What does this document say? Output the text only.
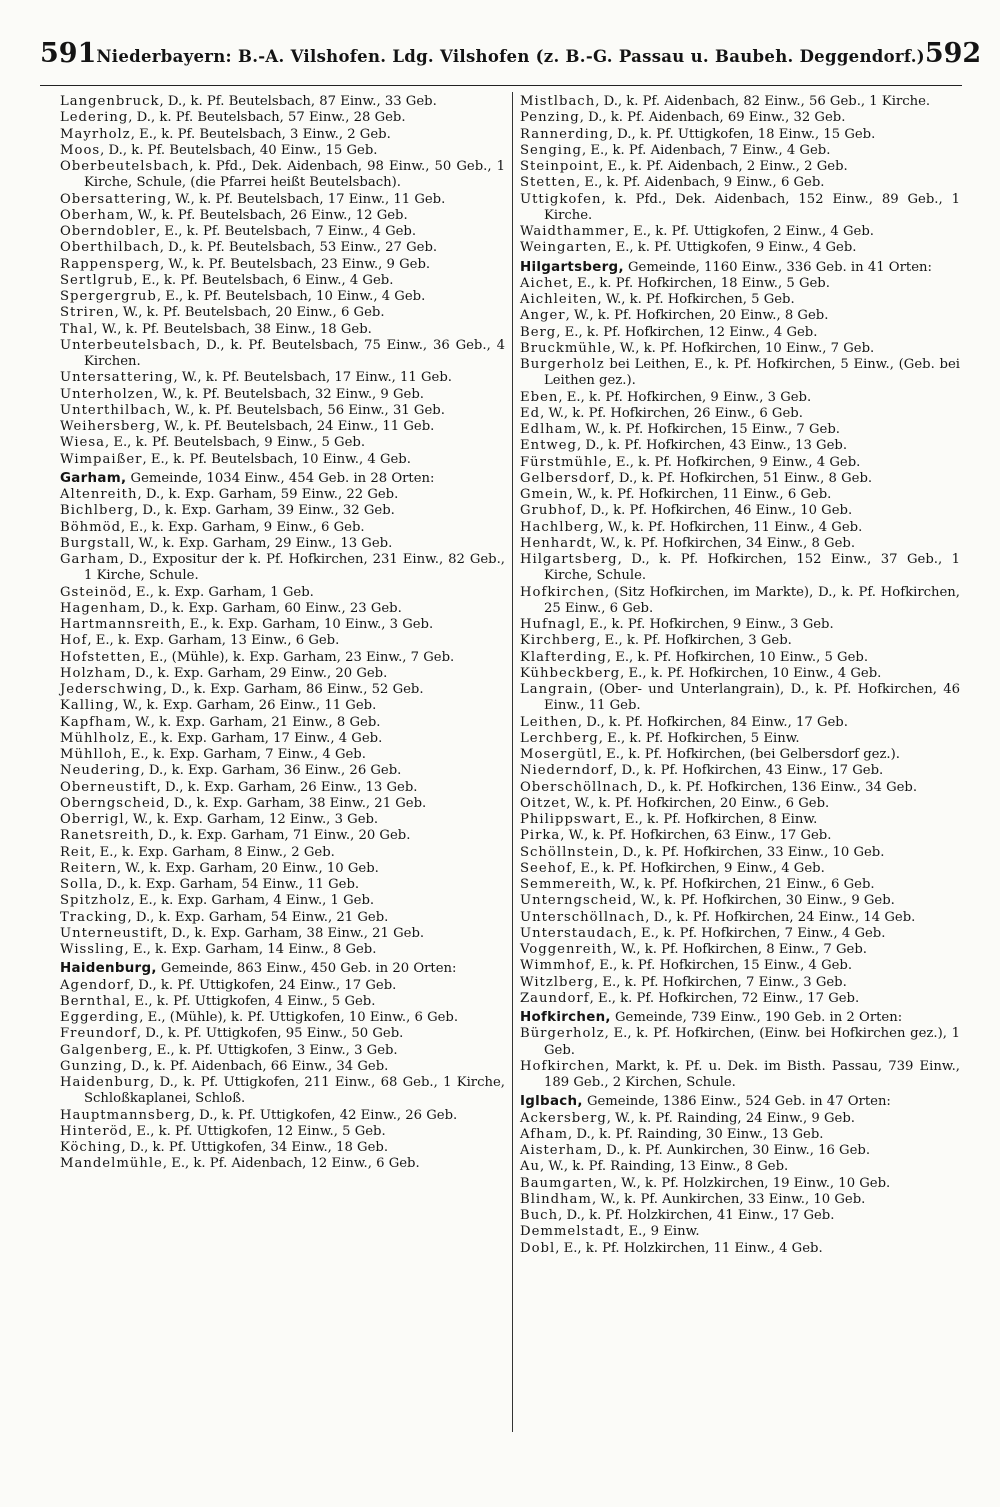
591 Niederbayern: B.-A. Vilshofen. Ldg. Vilshofen (z. B.-G. Passau u. Baubeh. Deggendorf.) 592

Langenbruck, D., k. Pf. Beutelsbach, 87 Einw., 33 Geb.

Ledering, D., k. Pf. Beutelsbach, 57 Einw., 28 Geb.

Mayrholz, E., k. Pf. Beutelsbach, 3 Einw., 2 Geb.

Moos, D., k. Pf. Beutelsbach, 40 Einw., 15 Geb.

Oberbeutelsbach, k. Pfd., Dek. Aidenbach, 98 Einw., 50 Geb., 1 Kirche, Schule, (die Pfarrei heißt Beutelsbach).

Obersattering, W., k. Pf. Beutelsbach, 17 Einw., 11 Geb.

Oberham, W., k. Pf. Beutelsbach, 26 Einw., 12 Geb.

Oberndobler, E., k. Pf. Beutelsbach, 7 Einw., 4 Geb.

Oberthilbach, D., k. Pf. Beutelsbach, 53 Einw., 27 Geb.

Rappensperg, W., k. Pf. Beutelsbach, 23 Einw., 9 Geb.

Sertlgrub, E., k. Pf. Beutelsbach, 6 Einw., 4 Geb.

Spergergrub, E., k. Pf. Beutelsbach, 10 Einw., 4 Geb.

Striren, W., k. Pf. Beutelsbach, 20 Einw., 6 Geb.

Thal, W., k. Pf. Beutelsbach, 38 Einw., 18 Geb.

Unterbeutelsbach, D., k. Pf. Beutelsbach, 75 Einw., 36 Geb., 4 Kirchen.

Untersattering, W., k. Pf. Beutelsbach, 17 Einw., 11 Geb.

Unterholzen, W., k. Pf. Beutelsbach, 32 Einw., 9 Geb.

Unterthilbach, W., k. Pf. Beutelsbach, 56 Einw., 31 Geb.

Weihersberg, W., k. Pf. Beutelsbach, 24 Einw., 11 Geb.

Wiesa, E., k. Pf. Beutelsbach, 9 Einw., 5 Geb.

Wimpaißer, E., k. Pf. Beutelsbach, 10 Einw., 4 Geb.

Garham, Gemeinde, 1034 Einw., 454 Geb. in 28 Orten:

Altenreith, D., k. Exp. Garham, 59 Einw., 22 Geb.

Bichlberg, D., k. Exp. Garham, 39 Einw., 32 Geb.

Böhmöd, E., k. Exp. Garham, 9 Einw., 6 Geb.

Burgstall, W., k. Exp. Garham, 29 Einw., 13 Geb.

Garham, D., Expositur der k. Pf. Hofkirchen, 231 Einw., 82 Geb., 1 Kirche, Schule.

Gsteinöd, E., k. Exp. Garham, 1 Geb.

Hagenham, D., k. Exp. Garham, 60 Einw., 23 Geb.

Hartmannsreith, E., k. Exp. Garham, 10 Einw., 3 Geb.

Hof, E., k. Exp. Garham, 13 Einw., 6 Geb.

Hofstetten, E., (Mühle), k. Exp. Garham, 23 Einw., 7 Geb.

Holzham, D., k. Exp. Garham, 29 Einw., 20 Geb.

Jederschwing, D., k. Exp. Garham, 86 Einw., 52 Geb.

Kalling, W., k. Exp. Garham, 26 Einw., 11 Geb.

Kapfham, W., k. Exp. Garham, 21 Einw., 8 Geb.

Mühlholz, E., k. Exp. Garham, 17 Einw., 4 Geb.

Mühlloh, E., k. Exp. Garham, 7 Einw., 4 Geb.

Neudering, D., k. Exp. Garham, 36 Einw., 26 Geb.

Oberneustift, D., k. Exp. Garham, 26 Einw., 13 Geb.

Oberngscheid, D., k. Exp. Garham, 38 Einw., 21 Geb.

Oberrigl, W., k. Exp. Garham, 12 Einw., 3 Geb.

Ranetsreith, D., k. Exp. Garham, 71 Einw., 20 Geb.

Reit, E., k. Exp. Garham, 8 Einw., 2 Geb.

Reitern, W., k. Exp. Garham, 20 Einw., 10 Geb.

Solla, D., k. Exp. Garham, 54 Einw., 11 Geb.

Spitzholz, E., k. Exp. Garham, 4 Einw., 1 Geb.

Tracking, D., k. Exp. Garham, 54 Einw., 21 Geb.

Unterneustift, D., k. Exp. Garham, 38 Einw., 21 Geb.

Wissling, E., k. Exp. Garham, 14 Einw., 8 Geb.

Haidenburg, Gemeinde, 863 Einw., 450 Geb. in 20 Orten:

Agendorf, D., k. Pf. Uttigkofen, 24 Einw., 17 Geb.

Bernthal, E., k. Pf. Uttigkofen, 4 Einw., 5 Geb.

Eggerding, E., (Mühle), k. Pf. Uttigkofen, 10 Einw., 6 Geb.

Freundorf, D., k. Pf. Uttigkofen, 95 Einw., 50 Geb.

Galgenberg, E., k. Pf. Uttigkofen, 3 Einw., 3 Geb.

Gunzing, D., k. Pf. Aidenbach, 66 Einw., 34 Geb.

Haidenburg, D., k. Pf. Uttigkofen, 211 Einw., 68 Geb., 1 Kirche, Schloßkaplanei, Schloß.

Hauptmannsberg, D., k. Pf. Uttigkofen, 42 Einw., 26 Geb.

Hinteröd, E., k. Pf. Uttigkofen, 12 Einw., 5 Geb.

Köching, D., k. Pf. Uttigkofen, 34 Einw., 18 Geb.

Mandelmühle, E., k. Pf. Aidenbach, 12 Einw., 6 Geb.

Mistlbach, D., k. Pf. Aidenbach, 82 Einw., 56 Geb., 1 Kirche.

Penzing, D., k. Pf. Aidenbach, 69 Einw., 32 Geb.

Rannerding, D., k. Pf. Uttigkofen, 18 Einw., 15 Geb.

Senging, E., k. Pf. Aidenbach, 7 Einw., 4 Geb.

Steinpoint, E., k. Pf. Aidenbach, 2 Einw., 2 Geb.

Stetten, E., k. Pf. Aidenbach, 9 Einw., 6 Geb.

Uttigkofen, k. Pfd., Dek. Aidenbach, 152 Einw., 89 Geb., 1 Kirche.

Waidthammer, E., k. Pf. Uttigkofen, 2 Einw., 4 Geb.

Weingarten, E., k. Pf. Uttigkofen, 9 Einw., 4 Geb.

Hilgartsberg, Gemeinde, 1160 Einw., 336 Geb. in 41 Orten:

Aichet, E., k. Pf. Hofkirchen, 18 Einw., 5 Geb.

Aichleiten, W., k. Pf. Hofkirchen, 5 Geb.

Anger, W., k. Pf. Hofkirchen, 20 Einw., 8 Geb.

Berg, E., k. Pf. Hofkirchen, 12 Einw., 4 Geb.

Bruckmühle, W., k. Pf. Hofkirchen, 10 Einw., 7 Geb.

Burgerholz bei Leithen, E., k. Pf. Hofkirchen, 5 Einw., (Geb. bei Leithen gez.).

Eben, E., k. Pf. Hofkirchen, 9 Einw., 3 Geb.

Ed, W., k. Pf. Hofkirchen, 26 Einw., 6 Geb.

Edlham, W., k. Pf. Hofkirchen, 15 Einw., 7 Geb.

Entweg, D., k. Pf. Hofkirchen, 43 Einw., 13 Geb.

Fürstmühle, E., k. Pf. Hofkirchen, 9 Einw., 4 Geb.

Gelbersdorf, D., k. Pf. Hofkirchen, 51 Einw., 8 Geb.

Gmein, W., k. Pf. Hofkirchen, 11 Einw., 6 Geb.

Grubhof, D., k. Pf. Hofkirchen, 46 Einw., 10 Geb.

Hachlberg, W., k. Pf. Hofkirchen, 11 Einw., 4 Geb.

Henhardt, W., k. Pf. Hofkirchen, 34 Einw., 8 Geb.

Hilgartsberg, D., k. Pf. Hofkirchen, 152 Einw., 37 Geb., 1 Kirche, Schule.

Hofkirchen, (Sitz Hofkirchen, im Markte), D., k. Pf. Hofkirchen, 25 Einw., 6 Geb.

Hufnagl, E., k. Pf. Hofkirchen, 9 Einw., 3 Geb.

Kirchberg, E., k. Pf. Hofkirchen, 3 Geb.

Klafterding, E., k. Pf. Hofkirchen, 10 Einw., 5 Geb.

Kühbeckberg, E., k. Pf. Hofkirchen, 10 Einw., 4 Geb.

Langrain, (Ober- und Unterlangrain), D., k. Pf. Hofkirchen, 46 Einw., 11 Geb.

Leithen, D., k. Pf. Hofkirchen, 84 Einw., 17 Geb.

Lerchberg, E., k. Pf. Hofkirchen, 5 Einw.

Mosergütl, E., k. Pf. Hofkirchen, (bei Gelbersdorf gez.).

Niederndorf, D., k. Pf. Hofkirchen, 43 Einw., 17 Geb.

Oberschöllnach, D., k. Pf. Hofkirchen, 136 Einw., 34 Geb.

Oitzet, W., k. Pf. Hofkirchen, 20 Einw., 6 Geb.

Philippswart, E., k. Pf. Hofkirchen, 8 Einw.

Pirka, W., k. Pf. Hofkirchen, 63 Einw., 17 Geb.

Schöllnstein, D., k. Pf. Hofkirchen, 33 Einw., 10 Geb.

Seehof, E., k. Pf. Hofkirchen, 9 Einw., 4 Geb.

Semmereith, W., k. Pf. Hofkirchen, 21 Einw., 6 Geb.

Unterngscheid, W., k. Pf. Hofkirchen, 30 Einw., 9 Geb.

Unterschöllnach, D., k. Pf. Hofkirchen, 24 Einw., 14 Geb.

Unterstaudach, E., k. Pf. Hofkirchen, 7 Einw., 4 Geb.

Voggenreith, W., k. Pf. Hofkirchen, 8 Einw., 7 Geb.

Wimmhof, E., k. Pf. Hofkirchen, 15 Einw., 4 Geb.

Witzlberg, E., k. Pf. Hofkirchen, 7 Einw., 3 Geb.

Zaundorf, E., k. Pf. Hofkirchen, 72 Einw., 17 Geb.

Hofkirchen, Gemeinde, 739 Einw., 190 Geb. in 2 Orten:

Bürgerholz, E., k. Pf. Hofkirchen, (Einw. bei Hofkirchen gez.), 1 Geb.

Hofkirchen, Markt, k. Pf. u. Dek. im Bisth. Passau, 739 Einw., 189 Geb., 2 Kirchen, Schule.

Iglbach, Gemeinde, 1386 Einw., 524 Geb. in 47 Orten:

Ackersberg, W., k. Pf. Rainding, 24 Einw., 9 Geb.

Afham, D., k. Pf. Rainding, 30 Einw., 13 Geb.

Aisterham, D., k. Pf. Aunkirchen, 30 Einw., 16 Geb.

Au, W., k. Pf. Rainding, 13 Einw., 8 Geb.

Baumgarten, W., k. Pf. Holzkirchen, 19 Einw., 10 Geb.

Blindham, W., k. Pf. Aunkirchen, 33 Einw., 10 Geb.

Buch, D., k. Pf. Holzkirchen, 41 Einw., 17 Geb.

Demmelstadt, E., 9 Einw.

Dobl, E., k. Pf. Holzkirchen, 11 Einw., 4 Geb.
